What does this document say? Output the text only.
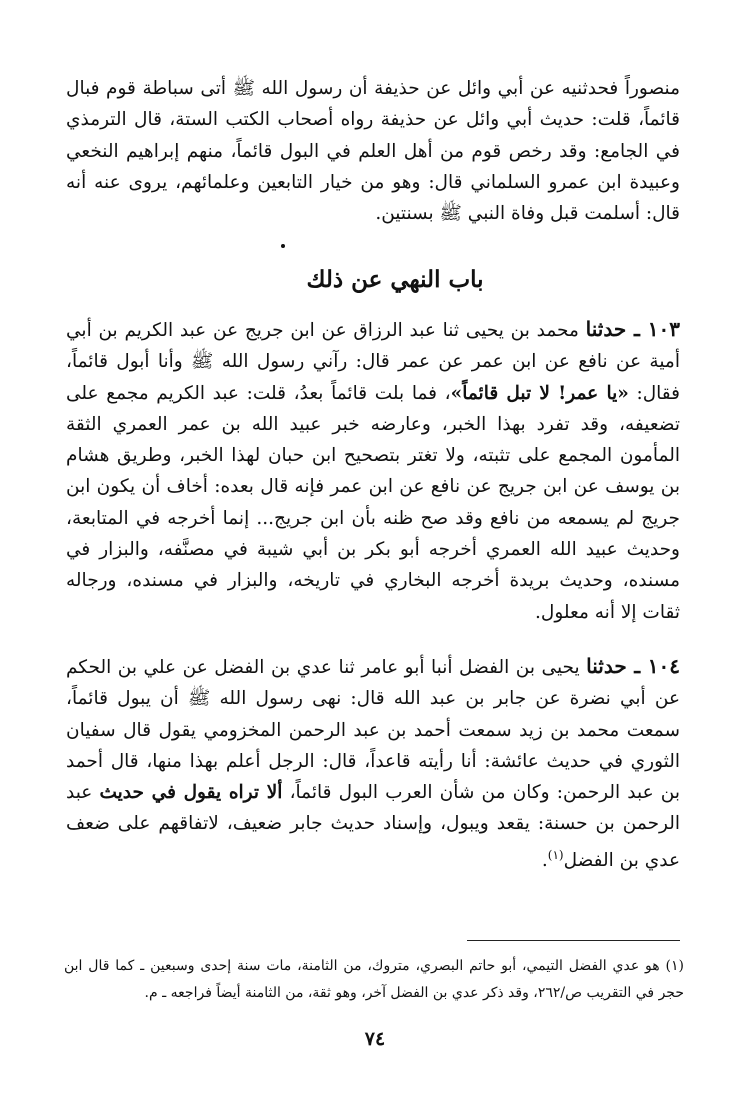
منصوراً فحدثنيه عن أبي وائل عن حذيفة أن رسول الله ﷺ أتى سباطة قوم فبال قائماً، قلت: حديث أبي وائل عن حذيفة رواه أصحاب الكتب الستة، قال الترمذي في الجامع: وقد رخص قوم من أهل العلم في البول قائماً، منهم إبراهيم النخعي وعبيدة ابن عمرو السلماني قال: وهو من خيار التابعين وعلمائهم، يروى عنه أنه قال: أسلمت قبل وفاة النبي ﷺ بسنتين.

باب النهي عن ذلك

١٠٣ ـ حدثنا محمد بن يحيى ثنا عبد الرزاق عن ابن جريج عن عبد الكريم بن أبي أمية عن نافع عن ابن عمر عن عمر قال: رآني رسول الله ﷺ وأنا أبول قائماً، فقال: «يا عمر! لا تبل قائماً»، فما بلت قائماً بعدُ، قلت: عبد الكريم مجمع على تضعيفه، وقد تفرد بهذا الخبر، وعارضه خبر عبيد الله بن عمر العمري الثقة المأمون المجمع على تثبته، ولا تغتر بتصحيح ابن حبان لهذا الخبر، وطريق هشام بن يوسف عن ابن جريج عن نافع عن ابن عمر فإنه قال بعده: أخاف أن يكون ابن جريج لم يسمعه من نافع وقد صح ظنه بأن ابن جريج... إنما أخرجه في المتابعة، وحديث عبيد الله العمري أخرجه أبو بكر بن أبي شيبة في مصنَّفه، والبزار في مسنده، وحديث بريدة أخرجه البخاري في تاريخه، والبزار في مسنده، ورجاله ثقات إلا أنه معلول.

١٠٤ ـ حدثنا يحيى بن الفضل أنبا أبو عامر ثنا عدي بن الفضل عن علي بن الحكم عن أبي نضرة عن جابر بن عبد الله قال: نهى رسول الله ﷺ أن يبول قائماً، سمعت محمد بن زيد سمعت أحمد بن عبد الرحمن المخزومي يقول قال سفيان الثوري في حديث عائشة: أنا رأيته قاعداً، قال: الرجل أعلم بهذا منها، قال أحمد بن عبد الرحمن: وكان من شأن العرب البول قائماً، ألا تراه يقول في حديث عبد الرحمن بن حسنة: يقعد ويبول، وإسناد حديث جابر ضعيف، لاتفاقهم على ضعف عدي بن الفضل$^{(١)}$.

(١) هو عدي الفضل التيمي، أبو حاتم البصري، متروك، من الثامنة، مات سنة إحدى وسبعين ـ كما قال ابن حجر في التقريب ص/٢٦٢، وقد ذكر عدي بن الفضل آخر، وهو ثقة، من الثامنة أيضاً فراجعه ـ م.

٧٤
